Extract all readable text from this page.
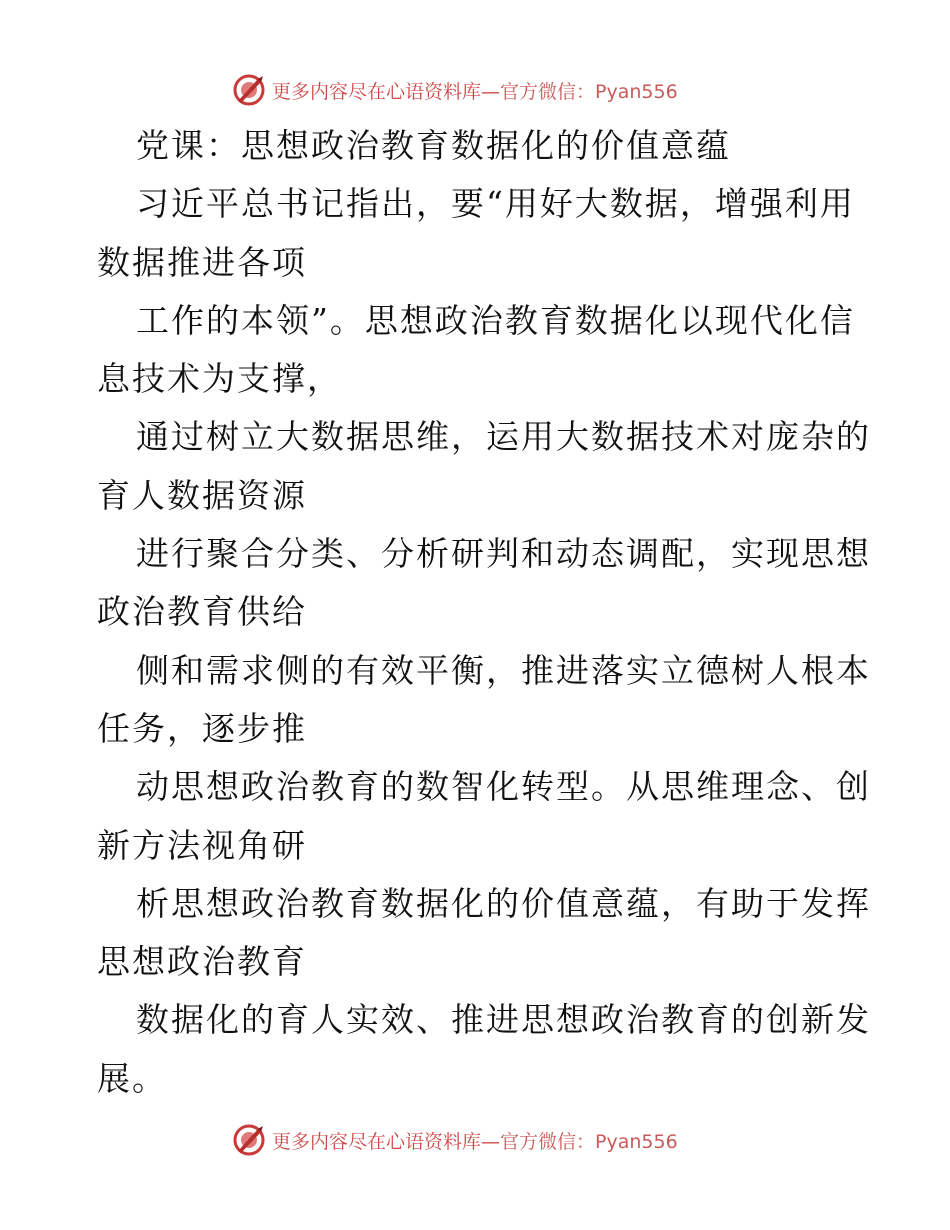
更多内容尽在心语资料库—官方微信：Pyan556
党课：思想政治教育数据化的价值意蕴
习近平总书记指出，要“用好大数据，增强利用
数据推进各项
工作的本领”。思想政治教育数据化以现代化信
息技术为支撑，
通过树立大数据思维，运用大数据技术对庞杂的
育人数据资源
进行聚合分类、分析研判和动态调配，实现思想
政治教育供给
侧和需求侧的有效平衡，推进落实立德树人根本
任务，逐步推
动思想政治教育的数智化转型。从思维理念、创
新方法视角研
析思想政治教育数据化的价值意蕴，有助于发挥
思想政治教育
数据化的育人实效、推进思想政治教育的创新发
展。
更多内容尽在心语资料库—官方微信：Pyan556
